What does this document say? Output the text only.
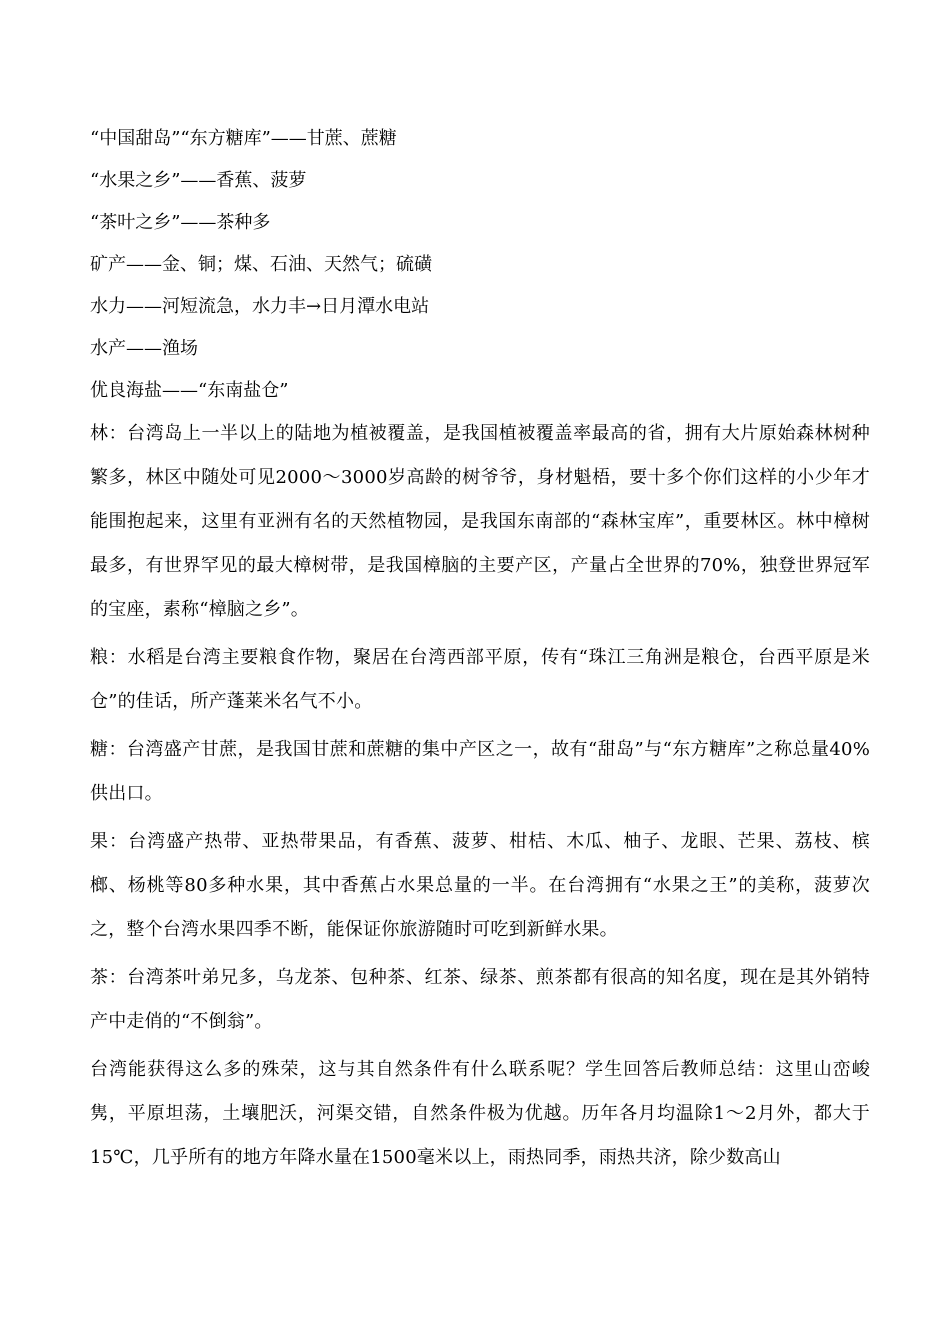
“中国甜岛”“东方糖库”——甘蔗、蔗糖
“水果之乡”——香蕉、菠萝
“茶叶之乡”——茶种多
矿产——金、铜；煤、石油、天然气；硫磺
水力——河短流急，水力丰→日月潭水电站
水产——渔场
优良海盐——“东南盐仓”

林：台湾岛上一半以上的陆地为植被覆盖，是我国植被覆盖率最高的省，拥有大片原始森林树种繁多，林区中随处可见2000～3000岁高龄的树爷爷，身材魁梧，要十多个你们这样的小少年才能围抱起来，这里有亚洲有名的天然植物园，是我国东南部的“森林宝库”，重要林区。林中樟树最多，有世界罕见的最大樟树带，是我国樟脑的主要产区，产量占全世界的70%，独登世界冠军的宝座，素称“樟脑之乡”。

粮：水稻是台湾主要粮食作物，聚居在台湾西部平原，传有“珠江三角洲是粮仓，台西平原是米仓”的佳话，所产蓬莱米名气不小。

糖：台湾盛产甘蔗，是我国甘蔗和蔗糖的集中产区之一，故有“甜岛”与“东方糖库”之称总量40%供出口。

果：台湾盛产热带、亚热带果品，有香蕉、菠萝、柑桔、木瓜、柚子、龙眼、芒果、荔枝、槟榔、杨桃等80多种水果，其中香蕉占水果总量的一半。在台湾拥有“水果之王”的美称，菠萝次之，整个台湾水果四季不断，能保证你旅游随时可吃到新鲜水果。

茶：台湾茶叶弟兄多，乌龙茶、包种茶、红茶、绿茶、煎茶都有很高的知名度，现在是其外销特产中走俏的“不倒翁”。

台湾能获得这么多的殊荣，这与其自然条件有什么联系呢？学生回答后教师总结：这里山峦峻隽，平原坦荡，土壤肥沃，河渠交错，自然条件极为优越。历年各月均温除1～2月外，都大于15℃，几乎所有的地方年降水量在1500毫米以上，雨热同季，雨热共济，除少数高山
